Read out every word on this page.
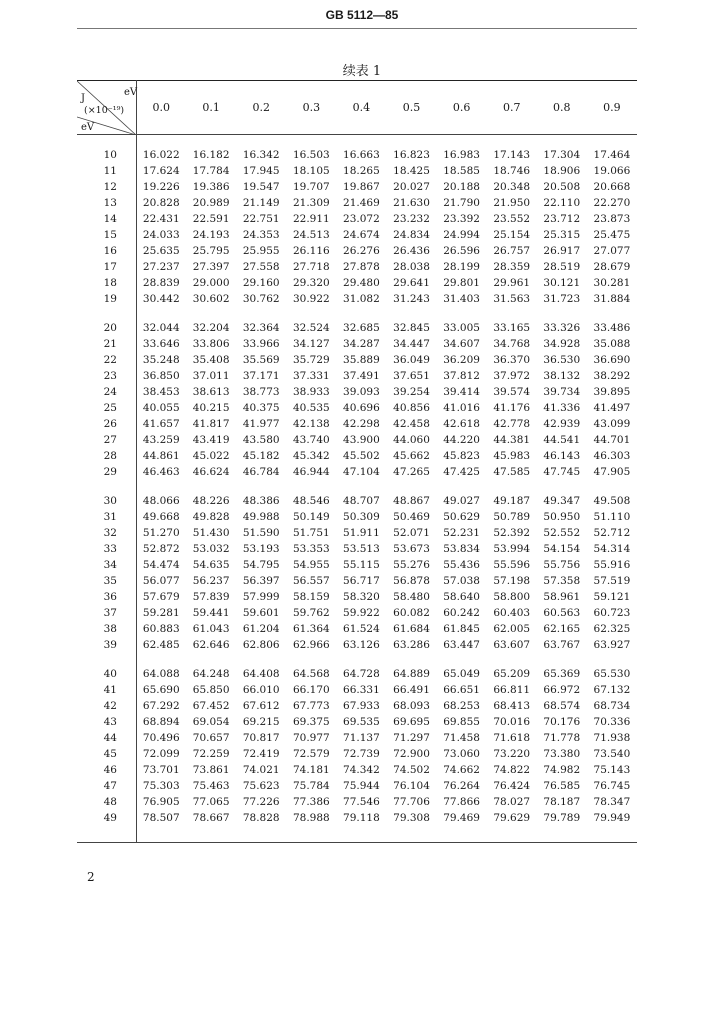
GB 5112—85
续表 1
eV
J
(×10⁻¹⁹)
eV	0.0	0.1	0.2	0.3	0.4	0.5	0.6	0.7	0.8	0.9

10	16.022	16.182	16.342	16.503	16.663	16.823	16.983	17.143	17.304	17.464
11	17.624	17.784	17.945	18.105	18.265	18.425	18.585	18.746	18.906	19.066
12	19.226	19.386	19.547	19.707	19.867	20.027	20.188	20.348	20.508	20.668
13	20.828	20.989	21.149	21.309	21.469	21.630	21.790	21.950	22.110	22.270
14	22.431	22.591	22.751	22.911	23.072	23.232	23.392	23.552	23.712	23.873
15	24.033	24.193	24.353	24.513	24.674	24.834	24.994	25.154	25.315	25.475
16	25.635	25.795	25.955	26.116	26.276	26.436	26.596	26.757	26.917	27.077
17	27.237	27.397	27.558	27.718	27.878	28.038	28.199	28.359	28.519	28.679
18	28.839	29.000	29.160	29.320	29.480	29.641	29.801	29.961	30.121	30.281
19	30.442	30.602	30.762	30.922	31.082	31.243	31.403	31.563	31.723	31.884

20	32.044	32.204	32.364	32.524	32.685	32.845	33.005	33.165	33.326	33.486
21	33.646	33.806	33.966	34.127	34.287	34.447	34.607	34.768	34.928	35.088
22	35.248	35.408	35.569	35.729	35.889	36.049	36.209	36.370	36.530	36.690
23	36.850	37.011	37.171	37.331	37.491	37.651	37.812	37.972	38.132	38.292
24	38.453	38.613	38.773	38.933	39.093	39.254	39.414	39.574	39.734	39.895
25	40.055	40.215	40.375	40.535	40.696	40.856	41.016	41.176	41.336	41.497
26	41.657	41.817	41.977	42.138	42.298	42.458	42.618	42.778	42.939	43.099
27	43.259	43.419	43.580	43.740	43.900	44.060	44.220	44.381	44.541	44.701
28	44.861	45.022	45.182	45.342	45.502	45.662	45.823	45.983	46.143	46.303
29	46.463	46.624	46.784	46.944	47.104	47.265	47.425	47.585	47.745	47.905

30	48.066	48.226	48.386	48.546	48.707	48.867	49.027	49.187	49.347	49.508
31	49.668	49.828	49.988	50.149	50.309	50.469	50.629	50.789	50.950	51.110
32	51.270	51.430	51.590	51.751	51.911	52.071	52.231	52.392	52.552	52.712
33	52.872	53.032	53.193	53.353	53.513	53.673	53.834	53.994	54.154	54.314
34	54.474	54.635	54.795	54.955	55.115	55.276	55.436	55.596	55.756	55.916
35	56.077	56.237	56.397	56.557	56.717	56.878	57.038	57.198	57.358	57.519
36	57.679	57.839	57.999	58.159	58.320	58.480	58.640	58.800	58.961	59.121
37	59.281	59.441	59.601	59.762	59.922	60.082	60.242	60.403	60.563	60.723
38	60.883	61.043	61.204	61.364	61.524	61.684	61.845	62.005	62.165	62.325
39	62.485	62.646	62.806	62.966	63.126	63.286	63.447	63.607	63.767	63.927

40	64.088	64.248	64.408	64.568	64.728	64.889	65.049	65.209	65.369	65.530
41	65.690	65.850	66.010	66.170	66.331	66.491	66.651	66.811	66.972	67.132
42	67.292	67.452	67.612	67.773	67.933	68.093	68.253	68.413	68.574	68.734
43	68.894	69.054	69.215	69.375	69.535	69.695	69.855	70.016	70.176	70.336
44	70.496	70.657	70.817	70.977	71.137	71.297	71.458	71.618	71.778	71.938
45	72.099	72.259	72.419	72.579	72.739	72.900	73.060	73.220	73.380	73.540
46	73.701	73.861	74.021	74.181	74.342	74.502	74.662	74.822	74.982	75.143
47	75.303	75.463	75.623	75.784	75.944	76.104	76.264	76.424	76.585	76.745
48	76.905	77.065	77.226	77.386	77.546	77.706	77.866	78.027	78.187	78.347
49	78.507	78.667	78.828	78.988	79.118	79.308	79.469	79.629	79.789	79.949

2
